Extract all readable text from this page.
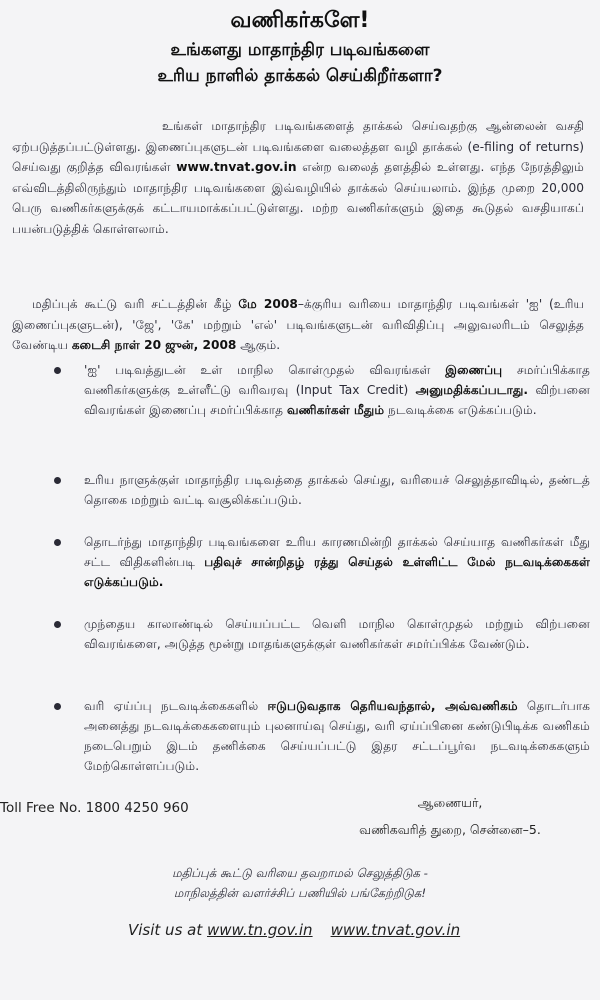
வணிகர்களே!
உங்களது மாதாந்திர படிவங்களை
உரிய நாளில் தாக்கல் செய்கிறீர்களா?
உங்கள் மாதாந்திர படிவங்களைத் தாக்கல் செய்வதற்கு ஆன்லைன் வசதி ஏற்படுத்தப்பட்டுள்ளது. இணைப்புகளுடன் படிவங்களை வலைத்தள வழி தாக்கல் (e-filing of returns) செய்வது குறித்த விவரங்கள் www.tnvat.gov.in என்ற வலைத் தளத்தில் உள்ளது. எந்த நேரத்திலும் எவ்விடத்திலிருந்தும் மாதாந்திர படிவங்களை இவ்வழியில் தாக்கல் செய்யலாம். இந்த முறை 20,000 பெரு வணிகர்களுக்குக் கட்டாயமாக்கப்பட்டுள்ளது. மற்ற வணிகர்களும் இதை கூடுதல் வசதியாகப் பயன்படுத்திக் கொள்ளலாம்.
மதிப்புக் கூட்டு வரி சட்டத்தின் கீழ் மே 2008–க்குரிய வரியை மாதாந்திர படிவங்கள் 'ஐ' (உரிய இணைப்புகளுடன்), 'ஜே', 'கே' மற்றும் 'எல்' படிவங்களுடன் வரிவிதிப்பு அலுவலரிடம் செலுத்த வேண்டிய கடைசி நாள் 20 ஜுன், 2008 ஆகும்.
'ஐ' படிவத்துடன் உள் மாநில கொள்முதல் விவரங்கள் இணைப்பு சமர்ப்பிக்காத வணிகர்களுக்கு உள்ளீட்டு வரிவரவு (Input Tax Credit) அனுமதிக்கப்படாது. விற்பனை விவரங்கள் இணைப்பு சமர்ப்பிக்காத வணிகர்கள் மீதும் நடவடிக்கை எடுக்கப்படும்.
உரிய நாளுக்குள் மாதாந்திர படிவத்தை தாக்கல் செய்து, வரியைச் செலுத்தாவிடில், தண்டத் தொகை மற்றும் வட்டி வசூலிக்கப்படும்.
தொடர்ந்து மாதாந்திர படிவங்களை உரிய காரணமின்றி தாக்கல் செய்யாத வணிகர்கள் மீது சட்ட விதிகளின்படி பதிவுச் சான்றிதழ் ரத்து செய்தல் உள்ளிட்ட மேல் நடவடிக்கைகள் எடுக்கப்படும்.
முந்தைய காலாண்டில் செய்யப்பட்ட வெளி மாநில கொள்முதல் மற்றும் விற்பனை விவரங்களை, அடுத்த மூன்று மாதங்களுக்குள் வணிகர்கள் சமர்ப்பிக்க வேண்டும்.
வரி ஏய்ப்பு நடவடிக்கைகளில் ஈடுபடுவதாக தெரியவந்தால், அவ்வணிகம் தொடர்பாக அனைத்து நடவடிக்கைகளையும் புலனாய்வு செய்து, வரி ஏய்ப்பினை கண்டுபிடிக்க வணிகம் நடைபெறும் இடம் தணிக்கை செய்யப்பட்டு இதர சட்டப்பூர்வ நடவடிக்கைகளும் மேற்கொள்ளப்படும்.
Toll Free No. 1800 4250 960	ஆணையர்,
வணிகவரித் துறை, சென்னை–5.
மதிப்புக் கூட்டு வரியை தவறாமல் செலுத்திடுக -
மாநிலத்தின் வளர்ச்சிப் பணியில் பங்கேற்றிடுக!
Visit us at www.tn.gov.in www.tnvat.gov.in
